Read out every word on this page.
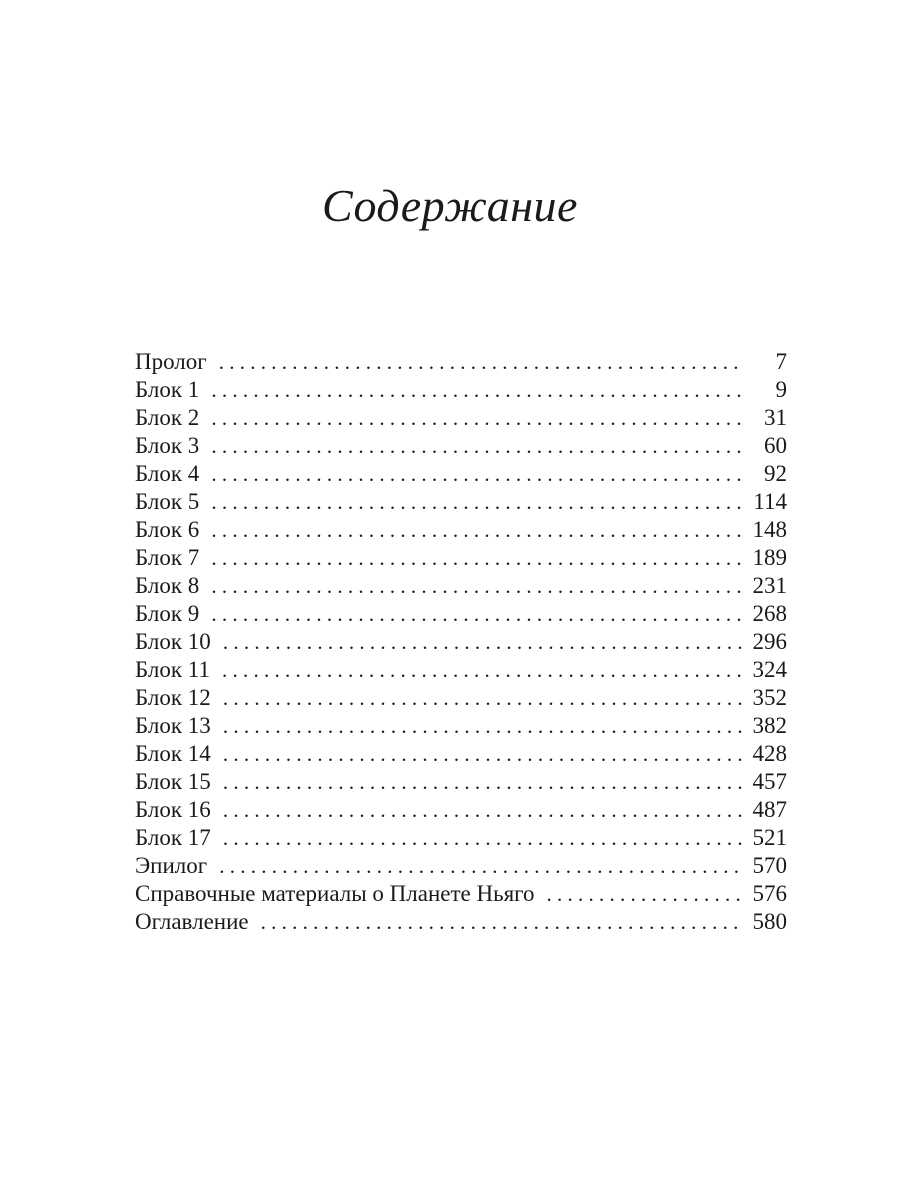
Содержание
Пролог . . .	7
Блок 1 . . .	9
Блок 2 . . .	31
Блок 3 . . .	60
Блок 4 . . .	92
Блок 5 . . .	114
Блок 6 . . .	148
Блок 7 . . .	189
Блок 8 . . .	231
Блок 9 . . .	268
Блок 10 . . .	296
Блок 11 . . .	324
Блок 12 . . .	352
Блок 13 . . .	382
Блок 14 . . .	428
Блок 15 . . .	457
Блок 16 . . .	487
Блок 17 . . .	521
Эпилог . . .	570
Справочные материалы о Планете Ньяго . . .	576
Оглавление . . .	580
